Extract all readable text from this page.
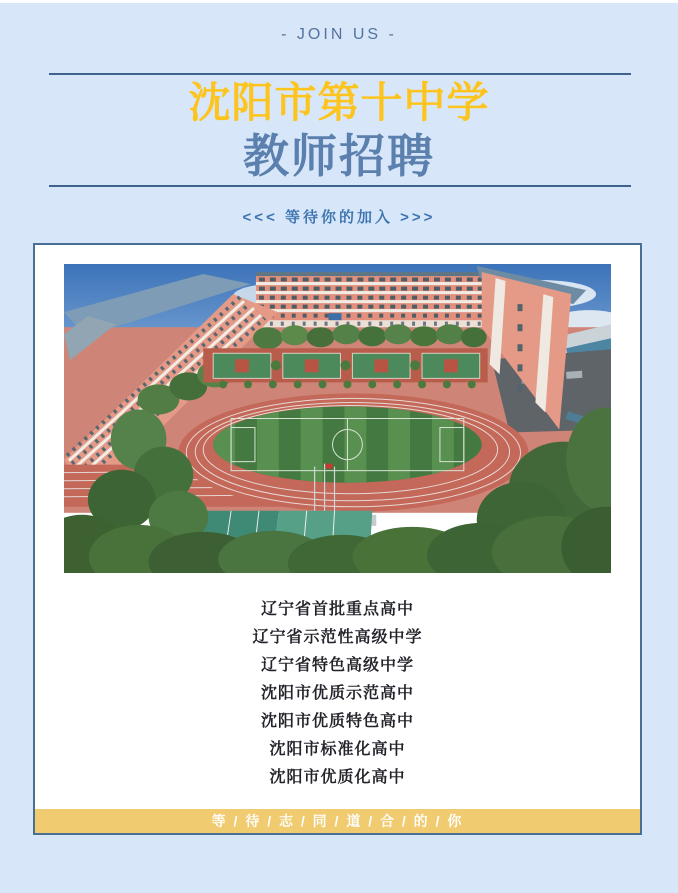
- JOIN US -
沈阳市第十中学
教师招聘
<<< 等待你的加入 >>>
辽宁省首批重点高中
辽宁省示范性高级中学
辽宁省特色高级中学
沈阳市优质示范高中
沈阳市优质特色高中
沈阳市标准化高中
沈阳市优质化高中
等 / 待 / 志 / 同 / 道 / 合 / 的 / 你
